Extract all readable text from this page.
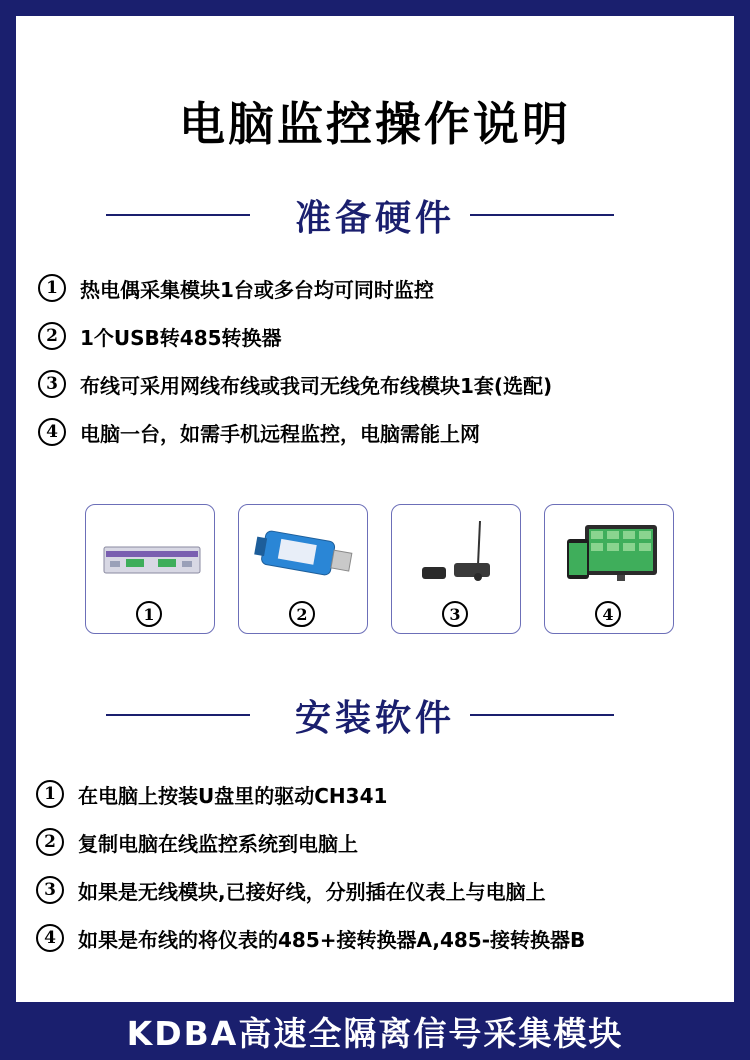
电脑监控操作说明
准备硬件
1	热电偶采集模块1台或多台均可同时监控
2	1个USB转485转换器
3	布线可采用网线布线或我司无线免布线模块1套(选配)
4	电脑一台，如需手机远程监控，电脑需能上网
1	2	3	4
安装软件
1	在电脑上按装U盘里的驱动CH341
2	复制电脑在线监控系统到电脑上
3	如果是无线模块,已接好线，分别插在仪表上与电脑上
4	如果是布线的将仪表的485+接转换器A,485-接转换器B
KDBA高速全隔离信号采集模块
